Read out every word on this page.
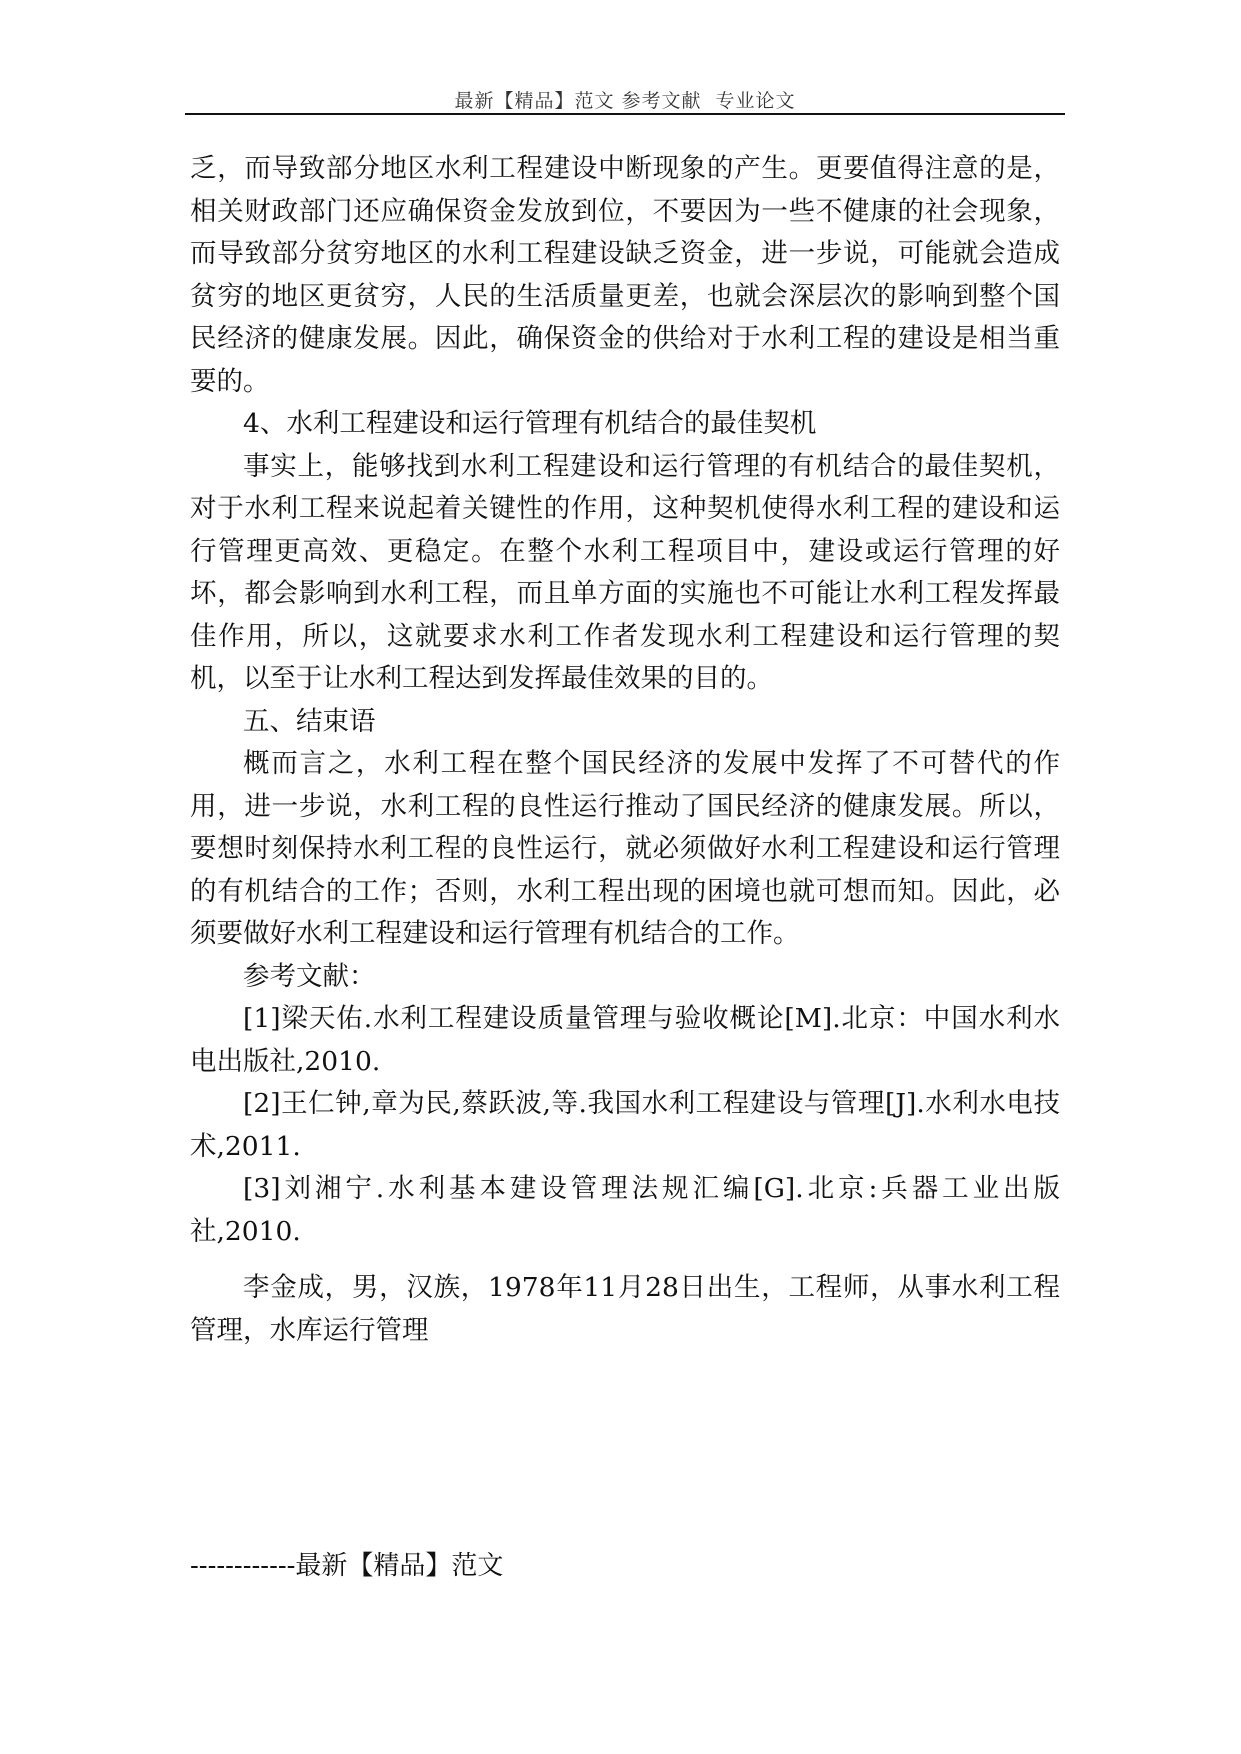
最新【精品】范文 参考文献  专业论文

乏，而导致部分地区水利工程建设中断现象的产生。更要值得注意的是，相关财政部门还应确保资金发放到位，不要因为一些不健康的社会现象，而导致部分贫穷地区的水利工程建设缺乏资金，进一步说，可能就会造成贫穷的地区更贫穷，人民的生活质量更差，也就会深层次的影响到整个国民经济的健康发展。因此，确保资金的供给对于水利工程的建设是相当重要的。

4、水利工程建设和运行管理有机结合的最佳契机

事实上，能够找到水利工程建设和运行管理的有机结合的最佳契机，对于水利工程来说起着关键性的作用，这种契机使得水利工程的建设和运行管理更高效、更稳定。在整个水利工程项目中，建设或运行管理的好坏，都会影响到水利工程，而且单方面的实施也不可能让水利工程发挥最佳作用，所以，这就要求水利工作者发现水利工程建设和运行管理的契机，以至于让水利工程达到发挥最佳效果的目的。

五、结束语

概而言之，水利工程在整个国民经济的发展中发挥了不可替代的作用，进一步说，水利工程的良性运行推动了国民经济的健康发展。所以，要想时刻保持水利工程的良性运行，就必须做好水利工程建设和运行管理的有机结合的工作；否则，水利工程出现的困境也就可想而知。因此，必须要做好水利工程建设和运行管理有机结合的工作。

参考文献：

[1]梁天佑.水利工程建设质量管理与验收概论[M].北京：中国水利水电出版社,2010.

[2]王仁钟,章为民,蔡跃波,等.我国水利工程建设与管理[J].水利水电技术,2011.

[3]刘湘宁.水利基本建设管理法规汇编[G].北京:兵器工业出版社,2010.

李金成，男，汉族，1978年11月28日出生，工程师，从事水利工程管理，水库运行管理

------------最新【精品】范文
